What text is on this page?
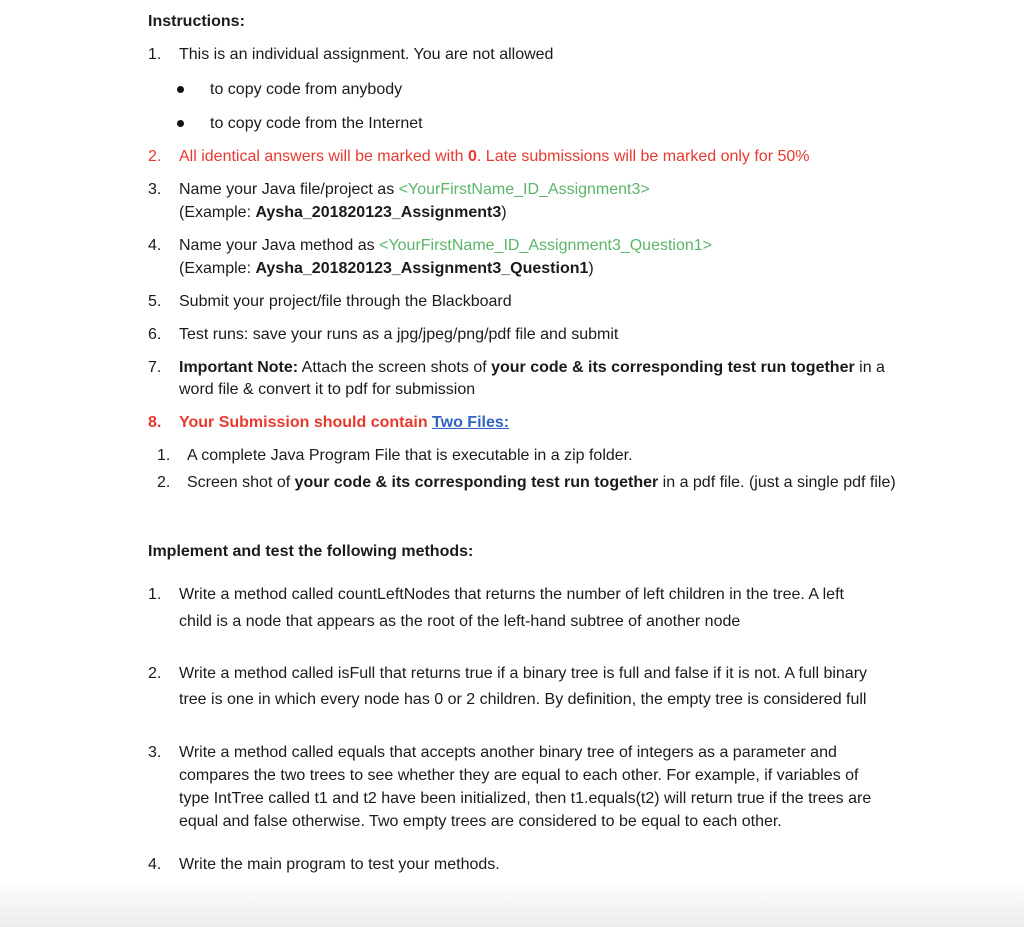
Instructions:
1. This is an individual assignment. You are not allowed
to copy code from anybody
to copy code from the Internet
2. All identical answers will be marked with 0. Late submissions will be marked only for 50%
3. Name your Java file/project as <YourFirstName_ID_Assignment3>
(Example: Aysha_201820123_Assignment3)
4. Name your Java method as <YourFirstName_ID_Assignment3_Question1>
(Example: Aysha_201820123_Assignment3_Question1)
5. Submit your project/file through the Blackboard
6. Test runs: save your runs as a jpg/jpeg/png/pdf file and submit
7. Important Note: Attach the screen shots of your code & its corresponding test run together in a
word file & convert it to pdf for submission
8. Your Submission should contain Two Files:
1. A complete Java Program File that is executable in a zip folder.
2. Screen shot of your code & its corresponding test run together in a pdf file. (just a single pdf file)
Implement and test the following methods:
1. Write a method called countLeftNodes that returns the number of left children in the tree. A left
child is a node that appears as the root of the left-hand subtree of another node
2. Write a method called isFull that returns true if a binary tree is full and false if it is not. A full binary
tree is one in which every node has 0 or 2 children. By definition, the empty tree is considered full
3. Write a method called equals that accepts another binary tree of integers as a parameter and
compares the two trees to see whether they are equal to each other. For example, if variables of
type IntTree called t1 and t2 have been initialized, then t1.equals(t2) will return true if the trees are
equal and false otherwise. Two empty trees are considered to be equal to each other.
4. Write the main program to test your methods.
